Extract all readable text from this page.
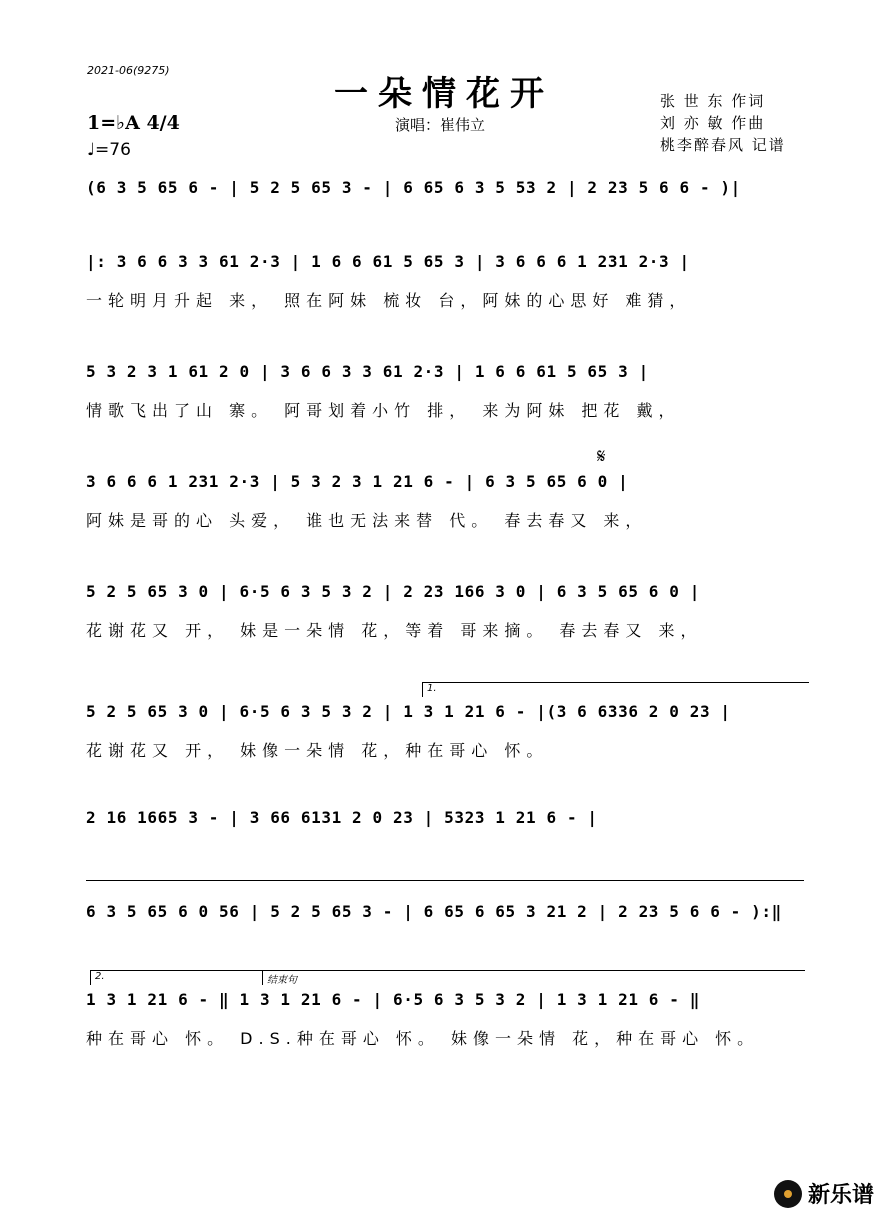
2021-06(9275)
一朵情花开
演唱：崔伟立
张 世 东 作词
刘 亦 敏 作曲
桃李醉春风 记谱
1=♭A 4/4
♩=76
(6 3 5 65 6 - | 5 2 5 65 3 - | 6 65 6 3 5 53 2 | 2 23 5 6 6 - )|
|: 3 6 6 3 3 61 2·3 | 1 6 6 61 5 65 3 | 3 6 6 6 1 231 2·3 |
一轮明月升起 来， 照在阿妹 梳妆 台，阿妹的心思好 难猜，
5 3 2 3 1 61 2 0 | 3 6 6 3 3 61 2·3 | 1 6 6 61 5 65 3 |
情歌飞出了山 寨。 阿哥划着小竹 排， 来为阿妹 把花 戴，
𝄋
3 6 6 6 1 231 2·3 | 5 3 2 3 1 21 6 - | 6 3 5 65 6 0 |
阿妹是哥的心 头爱， 谁也无法来替 代。 春去春又 来，
5 2 5 65 3 0 | 6·5 6 3 5 3 2 | 2 23 166 3 0 | 6 3 5 65 6 0 |
花谢花又 开， 妹是一朵情 花，等着 哥来摘。 春去春又 来，
1.
5 2 5 65 3 0 | 6·5 6 3 5 3 2 | 1 3 1 21 6 - |(3 6 6336 2 0 23 |
花谢花又 开， 妹像一朵情 花，种在哥心 怀。
2 16 1665 3 - | 3 66 6131 2 0 23 | 5323 1 21 6 - |
6 3 5 65 6 0 56 | 5 2 5 65 3 - | 6 65 6 65 3 21 2 | 2 23 5 6 6 - ):‖
2.	结束句
1 3 1 21 6 - ‖ 1 3 1 21 6 - | 6·5 6 3 5 3 2 | 1 3 1 21 6 - ‖
种在哥心 怀。 D.S.种在哥心 怀。 妹像一朵情 花，种在哥心 怀。
新乐谱
